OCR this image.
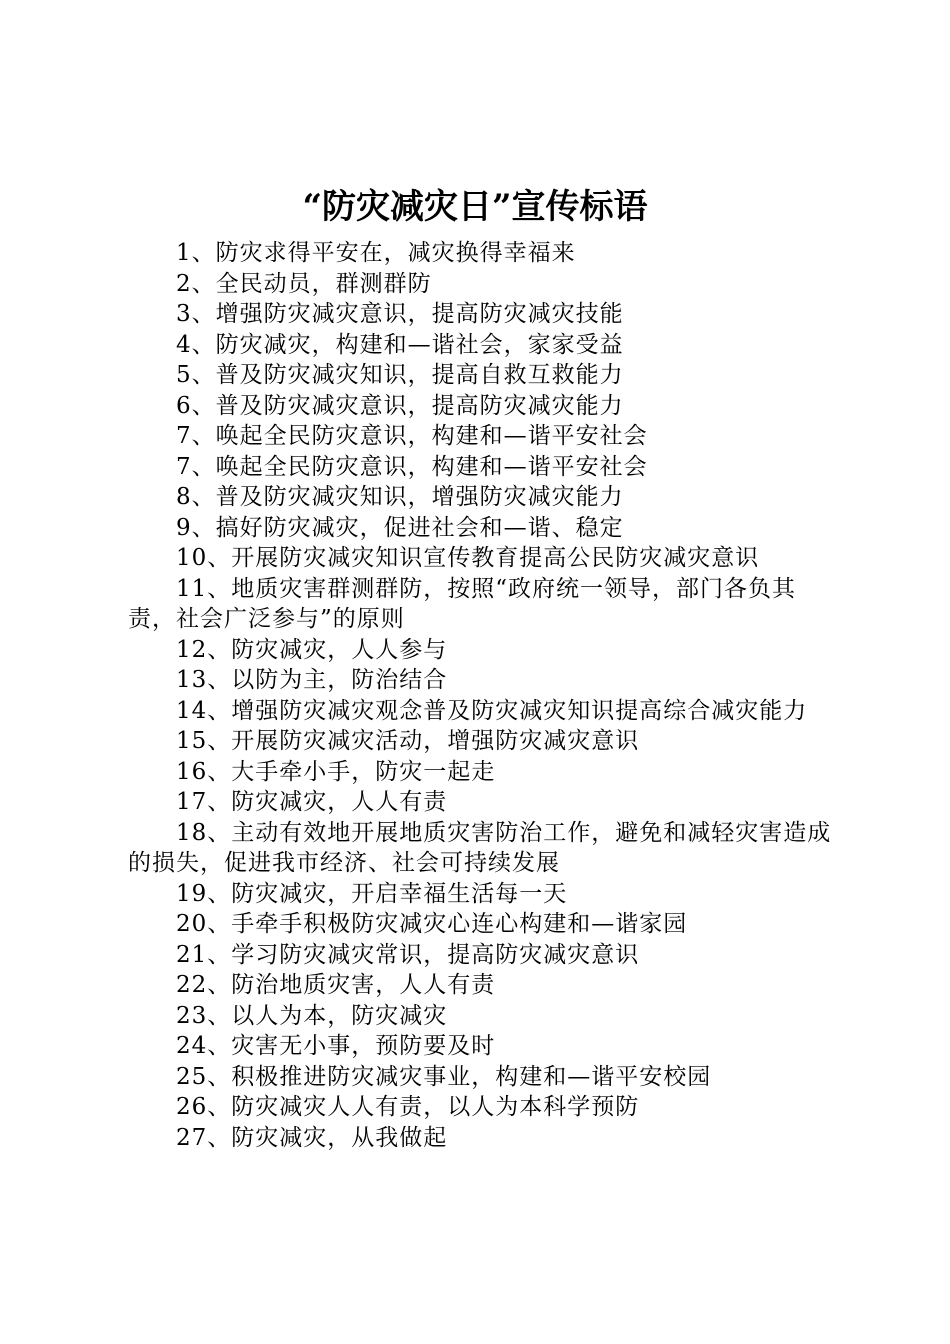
“防灾减灾日”宣传标语
1、防灾求得平安在，减灾换得幸福来
2、全民动员，群测群防
3、增强防灾减灾意识，提高防灾减灾技能
4、防灾减灾，构建和—谐社会，家家受益
5、普及防灾减灾知识，提高自救互救能力
6、普及防灾减灾意识，提高防灾减灾能力
7、唤起全民防灾意识，构建和—谐平安社会
7、唤起全民防灾意识，构建和—谐平安社会
8、普及防灾减灾知识，增强防灾减灾能力
9、搞好防灾减灾，促进社会和—谐、稳定
10、开展防灾减灾知识宣传教育提高公民防灾减灾意识
11、地质灾害群测群防，按照“政府统一领导，部门各负其责，社会广泛参与”的原则
12、防灾减灾，人人参与
13、以防为主，防治结合
14、增强防灾减灾观念普及防灾减灾知识提高综合减灾能力
15、开展防灾减灾活动，增强防灾减灾意识
16、大手牵小手，防灾一起走
17、防灾减灾，人人有责
18、主动有效地开展地质灾害防治工作，避免和减轻灾害造成的损失，促进我市经济、社会可持续发展
19、防灾减灾，开启幸福生活每一天
20、手牵手积极防灾减灾心连心构建和—谐家园
21、学习防灾减灾常识，提高防灾减灾意识
22、防治地质灾害，人人有责
23、以人为本，防灾减灾
24、灾害无小事，预防要及时
25、积极推进防灾减灾事业，构建和—谐平安校园
26、防灾减灾人人有责，以人为本科学预防
27、防灾减灾，从我做起
